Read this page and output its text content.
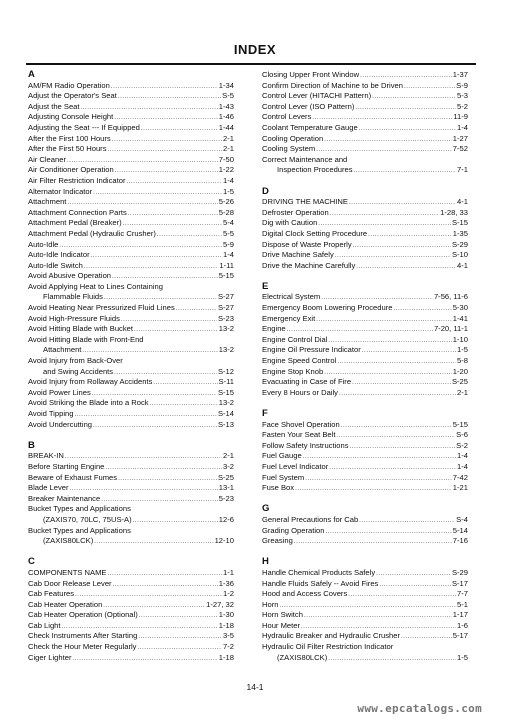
INDEX
A
AM/FM Radio Operation .....	1-34
Adjust the Operator's Seat .....	S-5
Adjust the Seat .....	1-43
Adjusting Console Height .....	1-46
Adjusting the Seat --- If Equipped .....	1-44
After the First 100 Hours .....	2-1
After the First 50 Hours .....	2-1
Air Cleaner .....	7-50
Air Conditioner Operation .....	1-22
Air Filter Restriction Indicator .....	1-4
Alternator Indicator .....	1-5
Attachment .....	5-26
Attachment Connection Parts .....	5-28
Attachment Pedal (Breaker) .....	5-4
Attachment Pedal (Hydraulic Crusher) .....	5-5
Auto-Idle .....	5-9
Auto-Idle Indicator .....	1-4
Auto-Idle Switch .....	1-11
Avoid Abusive Operation .....	5-15
Avoid Applying Heat to Lines Containing
Flammable Fluids .....	S-27
Avoid Heating Near Pressurized Fluid Lines .....	S-27
Avoid High-Pressure Fluids .....	S-23
Avoid Hitting Blade with Bucket .....	13-2
Avoid Hitting Blade with Front-End
Attachment .....	13-2
Avoid Injury from Back-Over
and Swing Accidents .....	S-12
Avoid Injury from Rollaway Accidents .....	S-11
Avoid Power Lines .....	S-15
Avoid Striking the Blade into a Rock .....	13-2
Avoid Tipping .....	S-14
Avoid Undercutting .....	S-13
B
BREAK-IN .....	2-1
Before Starting Engine .....	3-2
Beware of Exhaust Fumes .....	S-25
Blade Lever .....	13-1
Breaker Maintenance .....	5-23
Bucket Types and Applications
(ZAXIS70, 70LC, 75US-A) .....	12-6
Bucket Types and Applications
(ZAXIS80LCK) .....	12-10
C
COMPONENTS NAME .....	1-1
Cab Door Release Lever .....	1-36
Cab Features .....	1-2
Cab Heater Operation .....	1-27, 32
Cab Heater Operation (Optional) .....	1-30
Cab Light .....	1-18
Check Instruments After Starting .....	3-5
Check the Hour Meter Regularly .....	7-2
Ciger Lighter .....	1-18
Closing Upper Front Window .....	1-37
Confirm Direction of Machine to be Driven .....	S-9
Control Lever (HITACHI Pattern) .....	5-3
Control Lever (ISO Pattern) .....	5-2
Control Levers .....	11-9
Coolant Temperature Gauge .....	1-4
Cooling Operation .....	1-27
Cooling System .....	7-52
Correct Maintenance and
Inspection Procedures .....	7-1
D
DRIVING THE MACHINE .....	4-1
Defroster Operation .....	1-28, 33
Dig with Caution .....	S-15
Digital Clock Setting Procedure .....	1-35
Dispose of Waste Properly .....	S-29
Drive Machine Safely .....	S-10
Drive the Machine Carefully .....	4-1
E
Electrical System .....	7-56, 11-6
Emergency Boom Lowering Procedure .....	5-30
Emergency Exit .....	1-41
Engine .....	7-20, 11-1
Engine Control Dial .....	1-10
Engine Oil Pressure Indicator .....	1-5
Engine Speed Control .....	5-8
Engine Stop Knob .....	1-20
Evacuating in Case of Fire .....	S-25
Every 8 Hours or Daily .....	2-1
F
Face Shovel Operation .....	5-15
Fasten Your Seat Belt .....	S-6
Follow Safety Instructions .....	S-2
Fuel Gauge .....	1-4
Fuel Level Indicator .....	1-4
Fuel System .....	7-42
Fuse Box .....	1-21
G
General Precautions for Cab .....	S-4
Grading Operation .....	5-14
Greasing .....	7-16
H
Handle Chemical Products Safely .....	S-29
Handle Fluids Safely -- Avoid Fires .....	S-17
Hood and Access Covers .....	7-7
Horn .....	5-1
Horn Switch .....	1-17
Hour Meter .....	1-6
Hydraulic Breaker and Hydraulic Crusher .....	5-17
Hydraulic Oil Filter Restriction Indicator
(ZAXIS80LCK) .....	1-5
14-1
www.epcatalogs.com
